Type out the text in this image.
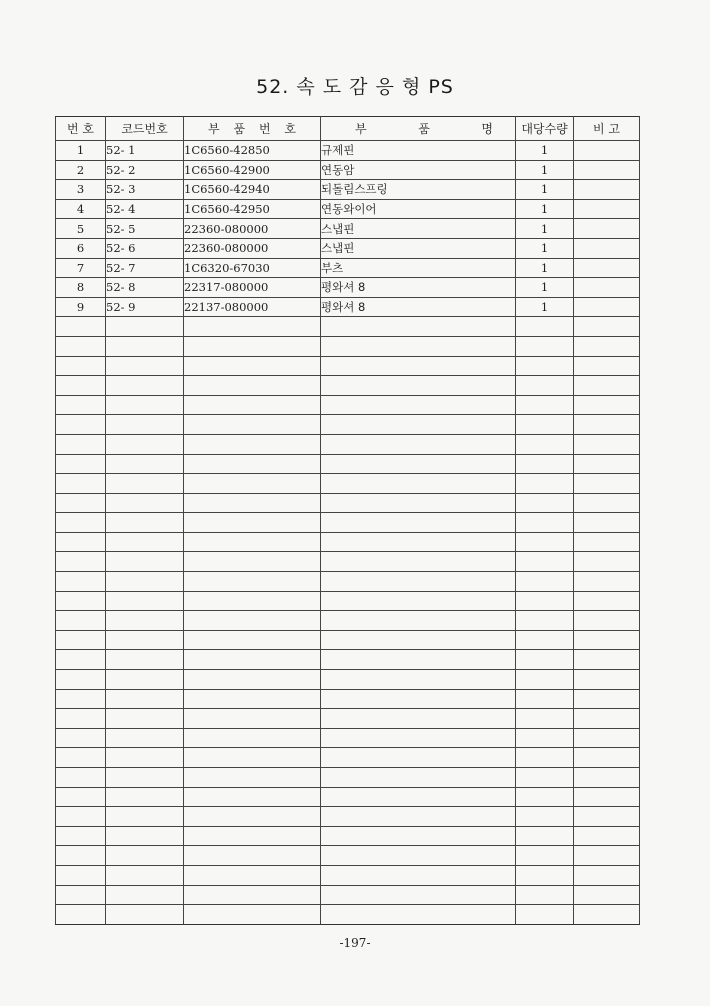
52. 속 도 감 응 형 PS
번 호	코드번호	부 품 번 호	부 품 명	대당수량	비 고
1	52- 1	1C6560-42850	규제핀	1	
2	52- 2	1C6560-42900	연동암	1	
3	52- 3	1C6560-42940	되돌림스프링	1	
4	52- 4	1C6560-42950	연동와이어	1	
5	52- 5	22360-080000	스냅핀	1	
6	52- 6	22360-080000	스냅핀	1	
7	52- 7	1C6320-67030	부츠	1	
8	52- 8	22317-080000	평와셔 8	1	
9	52- 9	22137-080000	평와셔 8	1	

-197-
